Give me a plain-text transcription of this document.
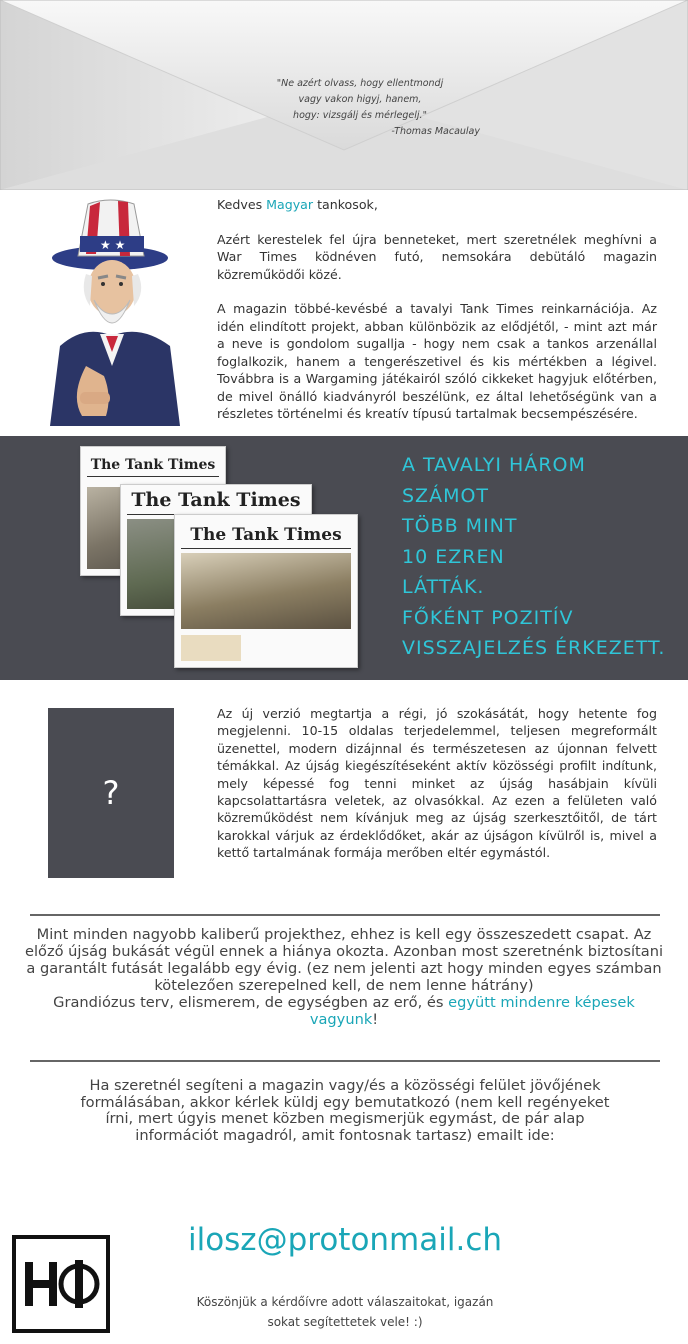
"Ne azért olvass, hogy ellentmondj
vagy vakon higyj, hanem,
hogy: vizsgálj és mérlegelj."
-Thomas Macaulay
★ ★

Kedves Magyar tankosok,

Azért kerestelek fel újra benneteket, mert szeretnélek meghívni a War Times ködnéven futó, nemsokára debütáló magazin közreműködői közé.

A magazin többé-kevésbé a tavalyi Tank Times reinkarnációja. Az idén elindított projekt, abban különbözik az elődjétől, - mint azt már a neve is gondolom sugallja - hogy nem csak a tankos arzenállal foglalkozik, hanem a tengerészetivel és kis mértékben a légivel. Továbbra is a Wargaming játékairól szóló cikkeket hagyjuk előtérben, de mivel önálló kiadványról beszélünk, ez által lehetőségünk van a részletes történelmi és kreatív típusú tartalmak becsempészésére.

The Tank Times
The Tank Times
The Tank Times
A TAVALYI HÁROM
SZÁMOT
TÖBB MINT
10 EZREN
LÁTTÁK.
FŐKÉNT POZITÍV
VISSZAJELZÉS ÉRKEZETT.
?
Az új verzió megtartja a régi, jó szokásátát, hogy hetente fog megjelenni. 10-15 oldalas terjedelemmel, teljesen megreformált üzenettel, modern dizájnnal és természetesen az újonnan felvett témákkal. Az újság kiegészítéseként aktív közösségi profilt indítunk, mely képessé fog tenni minket az újság hasábjain kívüli kapcsolattartásra veletek, az olvasókkal. Az ezen a felületen való közreműködést nem kívánjuk meg az újság szerkesztőitől, de tárt karokkal várjuk az érdeklődőket, akár az újságon kívülről is, mivel a kettő tartalmának formája merőben eltér egymástól.
Mint minden nagyobb kaliberű projekthez, ehhez is kell egy összeszedett csapat. Az előző újság bukását végül ennek a hiánya okozta. Azonban most szeretnénk biztosítani a garantált futását legalább egy évig. (ez nem jelenti azt hogy minden egyes számban kötelezően szerepelned kell, de nem lenne hátrány)
Grandiózus terv, elismerem, de egységben az erő, és együtt mindenre képesek vagyunk!
Ha szeretnél segíteni a magazin vagy/és a közösségi felület jövőjének formálásában, akkor kérlek küldj egy bemutatkozó (nem kell regényeket írni, mert úgyis menet közben megismerjük egymást, de pár alap információt magadról, amit fontosnak tartasz) emailt ide:
ilosz@protonmail.ch
Köszönjük a kérdőívre adott válaszaitokat, igazán
sokat segítettetek vele! :)
